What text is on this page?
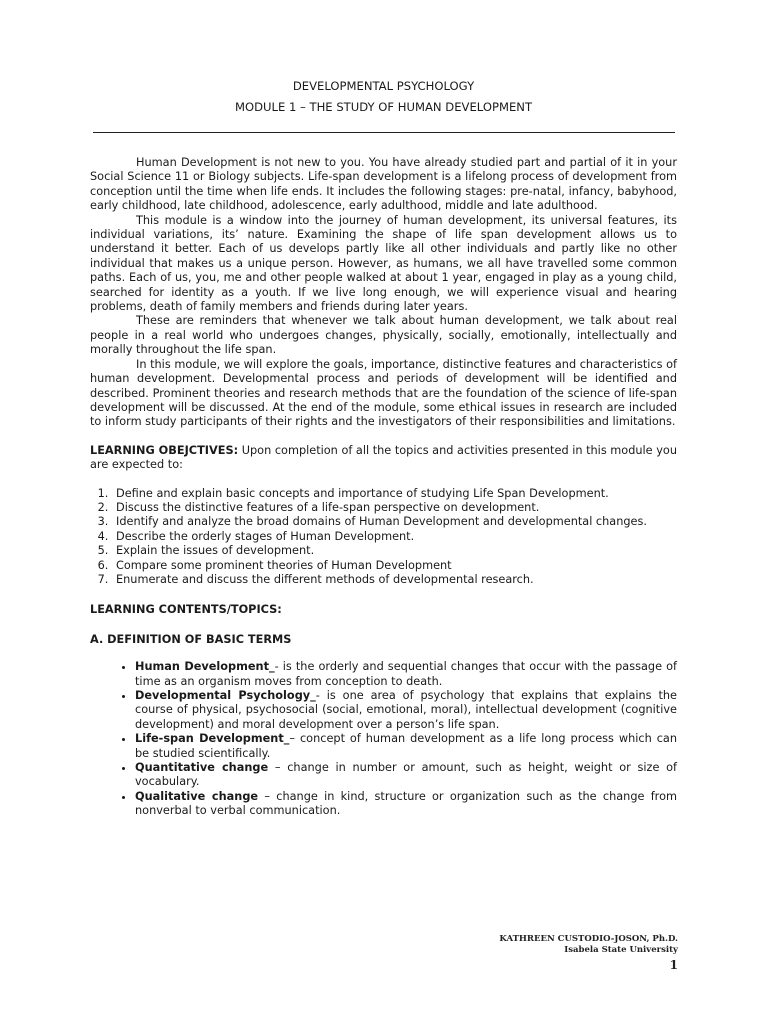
DEVELOPMENTAL PSYCHOLOGY
MODULE 1 – THE STUDY OF HUMAN DEVELOPMENT

Human Development is not new to you. You have already studied part and partial of it in your Social Science 11 or Biology subjects. Life-span development is a lifelong process of development from conception until the time when life ends. It includes the following stages: pre-natal, infancy, babyhood, early childhood, late childhood, adolescence, early adulthood, middle and late adulthood.

This module is a window into the journey of human development, its universal features, its individual variations, its’ nature. Examining the shape of life span development allows us to understand it better. Each of us develops partly like all other individuals and partly like no other individual that makes us a unique person. However, as humans, we all have travelled some common paths. Each of us, you, me and other people walked at about 1 year, engaged in play as a young child, searched for identity as a youth. If we live long enough, we will experience visual and hearing problems, death of family members and friends during later years.

These are reminders that whenever we talk about human development, we talk about real people in a real world who undergoes changes, physically, socially, emotionally, intellectually and morally throughout the life span.

In this module, we will explore the goals, importance, distinctive features and characteristics of human development. Developmental process and periods of development will be identified and described. Prominent theories and research methods that are the foundation of the science of life-span development will be discussed. At the end of the module, some ethical issues in research are included to inform study participants of their rights and the investigators of their responsibilities and limitations.

LEARNING OBEJCTIVES: Upon completion of all the topics and activities presented in this module you are expected to:

1. Define and explain basic concepts and importance of studying Life Span Development.
2. Discuss the distinctive features of a life-span perspective on development.
3. Identify and analyze the broad domains of Human Development and developmental changes.
4. Describe the orderly stages of Human Development.
5. Explain the issues of development.
6. Compare some prominent theories of Human Development
7. Enumerate and discuss the different methods of developmental research.

LEARNING CONTENTS/TOPICS:

A. DEFINITION OF BASIC TERMS

• Human Development_- is the orderly and sequential changes that occur with the passage of time as an organism moves from conception to death.
• Developmental Psychology_- is one area of psychology that explains that explains the course of physical, psychosocial (social, emotional, moral), intellectual development (cognitive development) and moral development over a person’s life span.
• Life-span Development_– concept of human development as a life long process which can be studied scientifically.
• Quantitative change – change in number or amount, such as height, weight or size of vocabulary.
• Qualitative change – change in kind, structure or organization such as the change from nonverbal to verbal communication.
KATHREEN CUSTODIO-JOSON, Ph.D.
Isabela State University
1
